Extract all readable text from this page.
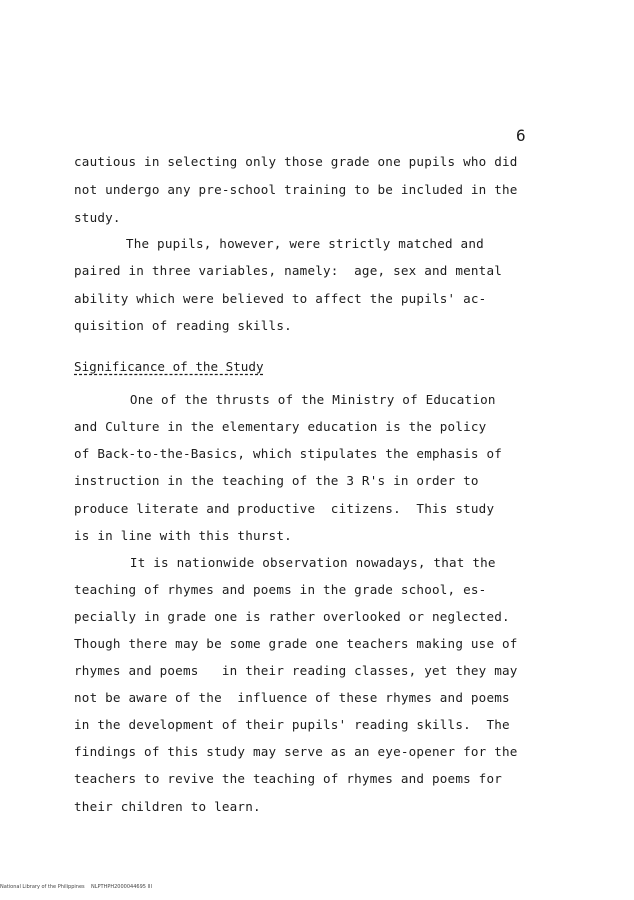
6
cautious in selecting only those grade one pupils who did
not undergo any pre-school training to be included in the
study.
The pupils, however, were strictly matched and
paired in three variables, namely:  age, sex and mental
ability which were believed to affect the pupils' ac-
quisition of reading skills.
Significance of the Study
One of the thrusts of the Ministry of Education
and Culture in the elementary education is the policy
of Back-to-the-Basics, which stipulates the emphasis of
instruction in the teaching of the 3 R's in order to
produce literate and productive  citizens.  This study
is in line with this thurst.
It is nationwide observation nowadays, that the
teaching of rhymes and poems in the grade school, es-
pecially in grade one is rather overlooked or neglected.
Though there may be some grade one teachers making use of
rhymes and poems   in their reading classes, yet they may
not be aware of the  influence of these rhymes and poems
in the development of their pupils' reading skills.  The
findings of this study may serve as an eye-opener for the
teachers to revive the teaching of rhymes and poems for
their children to learn.
National Library of the Philippines    NLPTHPH2000044695 III
